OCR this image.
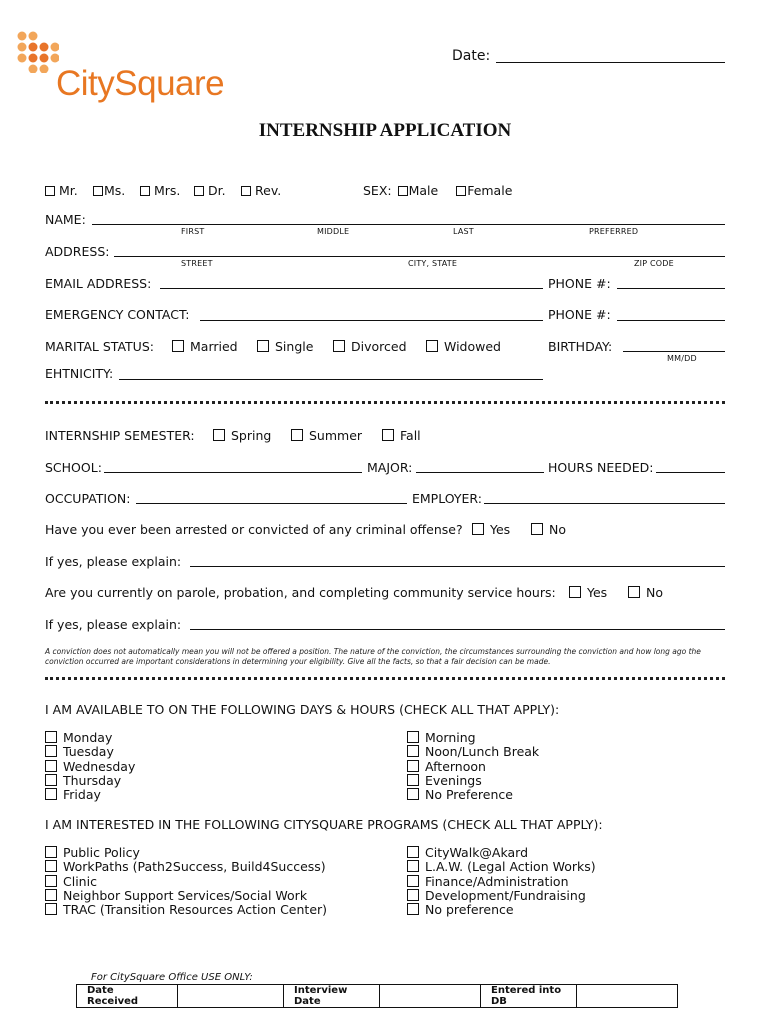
CitySquare
Date:
INTERNSHIP APPLICATION
Mr.	Ms.	Mrs.	Dr.	Rev.	SEX: Male Female
NAME:
FIRST	MIDDLE	LAST	PREFERRED
ADDRESS:
STREET	CITY, STATE	ZIP CODE
EMAIL ADDRESS:	PHONE #:
EMERGENCY CONTACT:	PHONE #:
MARITAL STATUS:	Married	Single	Divorced	Widowed	BIRTHDAY:
MM/DD
EHTNICITY:
INTERNSHIP SEMESTER:	Spring	Summer	Fall
SCHOOL:	MAJOR:	HOURS NEEDED:
OCCUPATION:	EMPLOYER:
Have you ever been arrested or convicted of any criminal offense?	Yes	No
If yes, please explain:
Are you currently on parole, probation, and completing community service hours:	Yes	No
If yes, please explain:
A conviction does not automatically mean you will not be offered a position. The nature of the conviction, the circumstances surrounding the conviction and how long ago the conviction occurred are important considerations in determining your eligibility. Give all the facts, so that a fair decision can be made.
I AM AVAILABLE TO ON THE FOLLOWING DAYS & HOURS (CHECK ALL THAT APPLY):
Monday
Tuesday
Wednesday
Thursday
Friday
Morning
Noon/Lunch Break
Afternoon
Evenings
No Preference
I AM INTERESTED IN THE FOLLOWING CITYSQUARE PROGRAMS (CHECK ALL THAT APPLY):
Public Policy
WorkPaths (Path2Success, Build4Success)
Clinic
Neighbor Support Services/Social Work
TRAC (Transition Resources Action Center)
CityWalk@Akard
L.A.W. (Legal Action Works)
Finance/Administration
Development/Fundraising
No preference
For CitySquare Office USE ONLY:
Date Received		Interview Date		Entered into DB	
